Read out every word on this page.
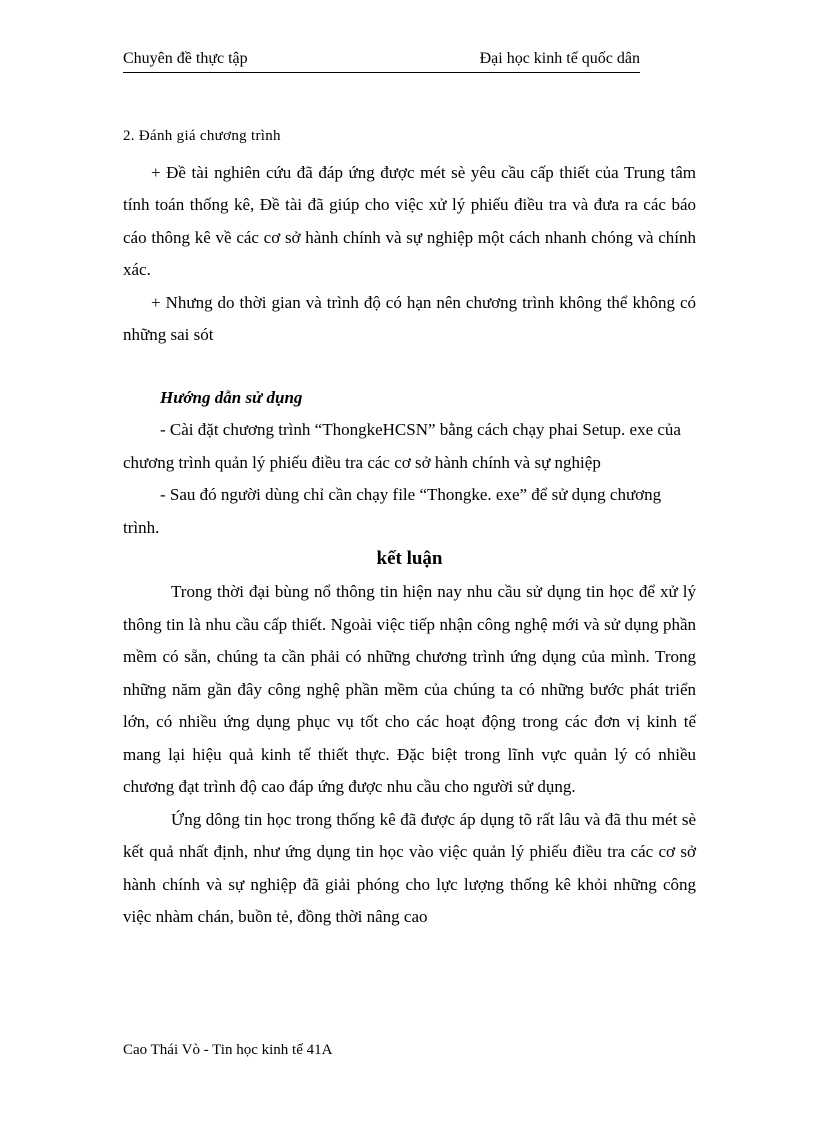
Chuyên đề thực tập	Đại học kinh tế quốc dân
2. Đánh giá chương trình

+ Đề tài nghiên cứu đã đáp ứng được mét sè yêu cầu cấp thiết của Trung tâm tính toán thống kê, Đề tài đã giúp cho việc xử lý phiếu điều tra và đưa ra các báo cáo thông kê về các cơ sở hành chính và sự nghiệp một cách nhanh chóng và chính xác.

+ Nhưng do thời gian và trình độ có hạn nên chương trình không thể không có những sai sót

Hướng dẫn sử dụng

- Cài đặt chương trình “ThongkeHCSN” bằng cách chạy phai Setup. exe của chương trình quản lý phiếu điều tra các cơ sở hành chính và sự nghiệp

- Sau đó người dùng chỉ cần chạy file “Thongke. exe” để sử dụng chương trình.

kết luận

Trong thời đại bùng nổ thông tin hiện nay nhu cầu sử dụng tin học để xử lý thông tin là nhu cầu cấp thiết. Ngoài việc tiếp nhận công nghệ mới và sử dụng phần mềm có sẵn, chúng ta cần phải có những chương trình ứng dụng của mình. Trong những năm gần đây công nghệ phần mềm của chúng ta có những bước phát triển lớn, có nhiều ứng dụng phục vụ tốt cho các hoạt động trong các đơn vị kinh tế mang lại hiệu quả kinh tế thiết thực. Đặc biệt trong lĩnh vực quản lý có nhiều chương đạt trình độ cao đáp ứng được nhu cầu cho người sử dụng.

Ứng dông tin học trong thống kê đã được áp dụng tõ rất lâu và đã thu mét sè kết quả nhất định, như ứng dụng tin học vào việc quản lý phiếu điều tra các cơ sở hành chính và sự nghiệp đã giải phóng cho lực lượng thống kê khỏi những công việc nhàm chán, buồn tẻ, đồng thời nâng cao

Cao Thái Vò - Tin học kinh tế 41A
